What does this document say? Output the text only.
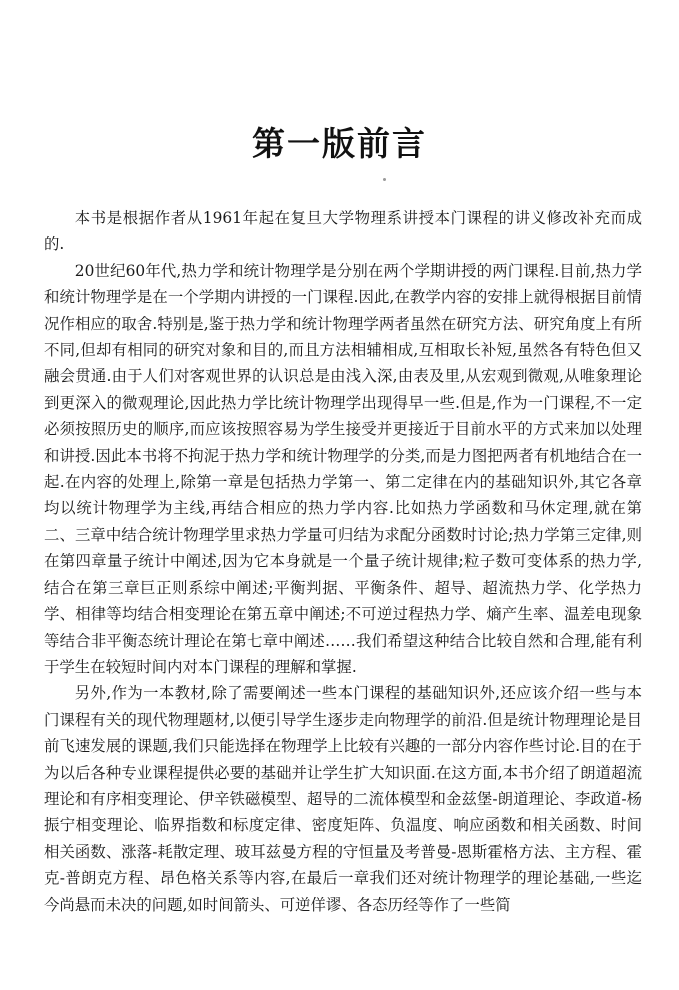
第一版前言

本书是根据作者从1961年起在复旦大学物理系讲授本门课程的讲义修改补充而成的.

20世纪60年代,热力学和统计物理学是分别在两个学期讲授的两门课程.目前,热力学和统计物理学是在一个学期内讲授的一门课程.因此,在教学内容的安排上就得根据目前情况作相应的取舍.特别是,鉴于热力学和统计物理学两者虽然在研究方法、研究角度上有所不同,但却有相同的研究对象和目的,而且方法相辅相成,互相取长补短,虽然各有特色但又融会贯通.由于人们对客观世界的认识总是由浅入深,由表及里,从宏观到微观,从唯象理论到更深入的微观理论,因此热力学比统计物理学出现得早一些.但是,作为一门课程,不一定必须按照历史的顺序,而应该按照容易为学生接受并更接近于目前水平的方式来加以处理和讲授.因此本书将不拘泥于热力学和统计物理学的分类,而是力图把两者有机地结合在一起.在内容的处理上,除第一章是包括热力学第一、第二定律在内的基础知识外,其它各章均以统计物理学为主线,再结合相应的热力学内容.比如热力学函数和马休定理,就在第二、三章中结合统计物理学里求热力学量可归结为求配分函数时讨论;热力学第三定律,则在第四章量子统计中阐述,因为它本身就是一个量子统计规律;粒子数可变体系的热力学,结合在第三章巨正则系综中阐述;平衡判据、平衡条件、超导、超流热力学、化学热力学、相律等均结合相变理论在第五章中阐述;不可逆过程热力学、熵产生率、温差电现象等结合非平衡态统计理论在第七章中阐述……我们希望这种结合比较自然和合理,能有利于学生在较短时间内对本门课程的理解和掌握.

另外,作为一本教材,除了需要阐述一些本门课程的基础知识外,还应该介绍一些与本门课程有关的现代物理题材,以便引导学生逐步走向物理学的前沿.但是统计物理理论是目前飞速发展的课题,我们只能选择在物理学上比较有兴趣的一部分内容作些讨论.目的在于为以后各种专业课程提供必要的基础并让学生扩大知识面.在这方面,本书介绍了朗道超流理论和有序相变理论、伊辛铁磁模型、超导的二流体模型和金兹堡-朗道理论、李政道-杨振宁相变理论、临界指数和标度定律、密度矩阵、负温度、响应函数和相关函数、时间相关函数、涨落-耗散定理、玻耳兹曼方程的守恒量及考普曼-恩斯霍格方法、主方程、霍克-普朗克方程、昂色格关系等内容,在最后一章我们还对统计物理学的理论基础,一些迄今尚悬而未决的问题,如时间箭头、可逆佯谬、各态历经等作了一些简
